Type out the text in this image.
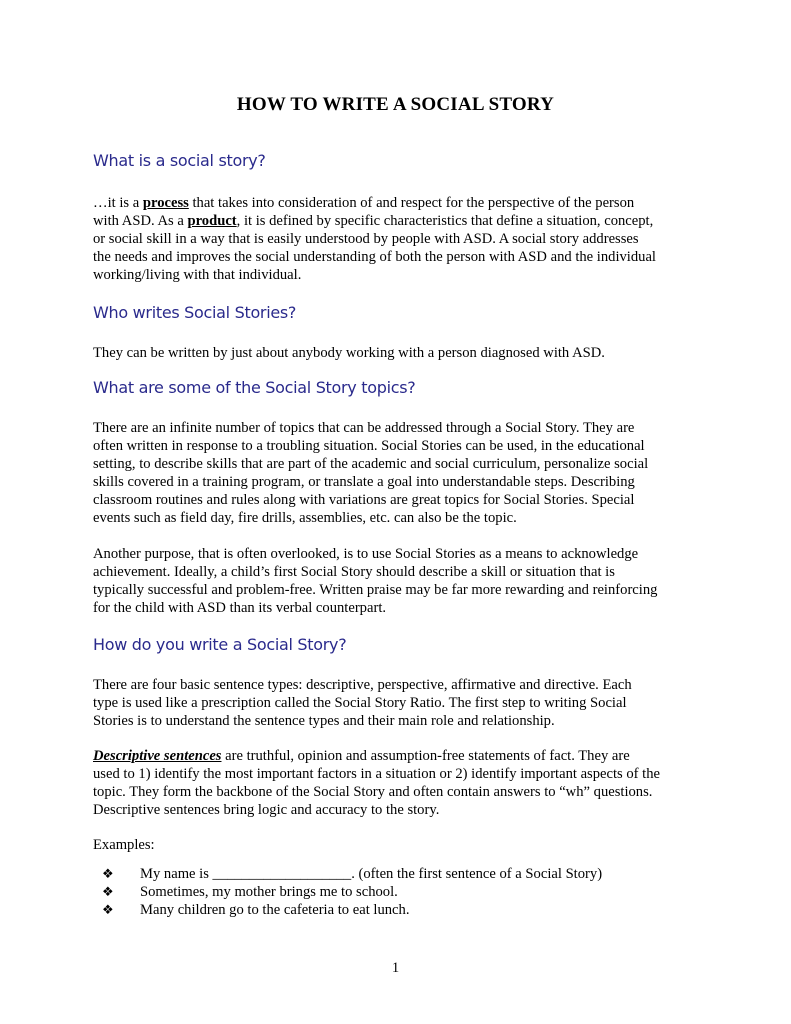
HOW TO WRITE A SOCIAL STORY
What is a social story?
…it is a process that takes into consideration of and respect for the perspective of the person
with ASD. As a product, it is defined by specific characteristics that define a situation, concept,
or social skill in a way that is easily understood by people with ASD. A social story addresses
the needs and improves the social understanding of both the person with ASD and the individual
working/living with that individual.
Who writes Social Stories?
They can be written by just about anybody working with a person diagnosed with ASD.
What are some of the Social Story topics?
There are an infinite number of topics that can be addressed through a Social Story. They are
often written in response to a troubling situation. Social Stories can be used, in the educational
setting, to describe skills that are part of the academic and social curriculum, personalize social
skills covered in a training program, or translate a goal into understandable steps. Describing
classroom routines and rules along with variations are great topics for Social Stories. Special
events such as field day, fire drills, assemblies, etc. can also be the topic.
Another purpose, that is often overlooked, is to use Social Stories as a means to acknowledge
achievement. Ideally, a child’s first Social Story should describe a skill or situation that is
typically successful and problem-free. Written praise may be far more rewarding and reinforcing
for the child with ASD than its verbal counterpart.
How do you write a Social Story?
There are four basic sentence types: descriptive, perspective, affirmative and directive. Each
type is used like a prescription called the Social Story Ratio. The first step to writing Social
Stories is to understand the sentence types and their main role and relationship.
Descriptive sentences are truthful, opinion and assumption-free statements of fact. They are
used to 1) identify the most important factors in a situation or 2) identify important aspects of the
topic. They form the backbone of the Social Story and often contain answers to “wh” questions.
Descriptive sentences bring logic and accuracy to the story.
Examples:
❖ My name is ___________________. (often the first sentence of a Social Story)
❖ Sometimes, my mother brings me to school.
❖ Many children go to the cafeteria to eat lunch.
1
